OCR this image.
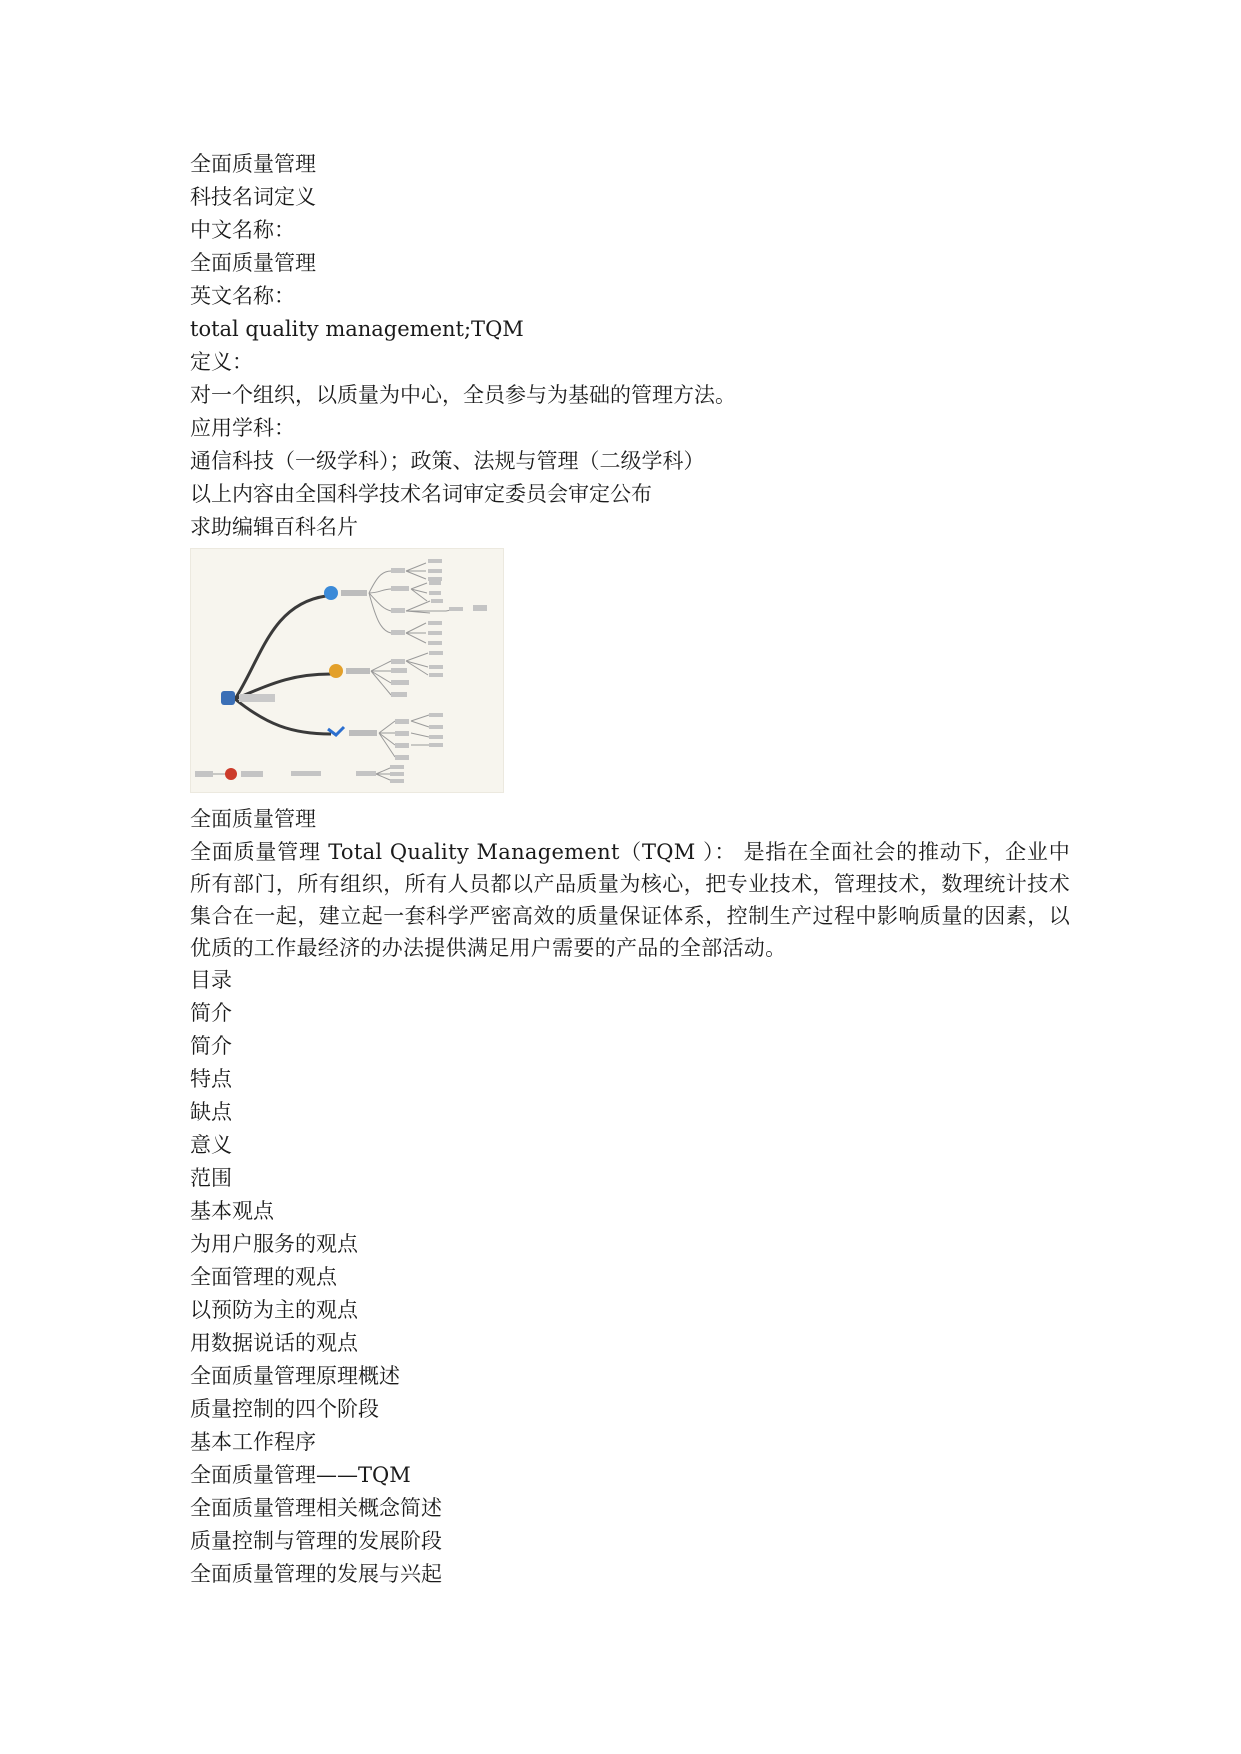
全面质量管理
科技名词定义
中文名称：
全面质量管理
英文名称：
total quality management;TQM
定义：
对一个组织，以质量为中心，全员参与为基础的管理方法。
应用学科：
通信科技（一级学科）；政策、法规与管理（二级学科）
以上内容由全国科学技术名词审定委员会审定公布
求助编辑百科名片
全面质量管理
全面质量管理 Total Quality Management（TQM ）： 是指在全面社会的推动下，企业中所有部门，所有组织，所有人员都以产品质量为核心，把专业技术，管理技术，数理统计技术集合在一起，建立起一套科学严密高效的质量保证体系，控制生产过程中影响质量的因素，以优质的工作最经济的办法提供满足用户需要的产品的全部活动。
目录
简介
简介
特点
缺点
意义
范围
基本观点
为用户服务的观点
全面管理的观点
以预防为主的观点
用数据说话的观点
全面质量管理原理概述
质量控制的四个阶段
基本工作程序
全面质量管理——TQM
全面质量管理相关概念简述
质量控制与管理的发展阶段
全面质量管理的发展与兴起
